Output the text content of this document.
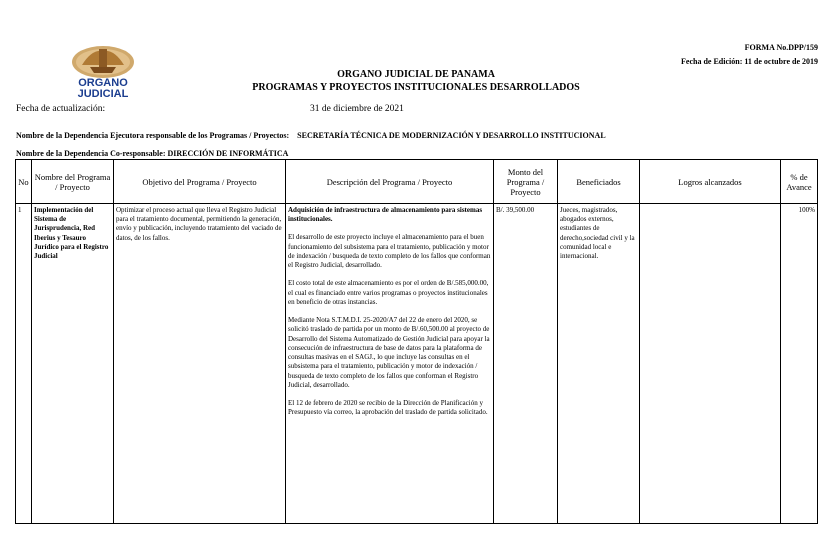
ORGANO
JUDICIAL
FORMA No.DPP/159
Fecha de Edición: 11 de octubre de 2019
ORGANO JUDICIAL DE PANAMA
PROGRAMAS Y PROYECTOS INSTITUCIONALES DESARROLLADOS
Fecha de actualización:	31 de diciembre de 2021
Nombre de la Dependencia Ejecutora responsable de los Programas / Proyectos: SECRETARÍA TÉCNICA DE MODERNIZACIÓN Y DESARROLLO INSTITUCIONAL
Nombre de la Dependencia Co-responsable: DIRECCIÓN DE INFORMÁTICA
No	Nombre del Programa / Proyecto	Objetivo del Programa / Proyecto	Descripción del Programa / Proyecto	Monto del Programa / Proyecto	Beneficiados	Logros alcanzados	% de Avance
1	Implementación del Sistema de Jurisprudencia, Red Iberius y Tesauro Jurídico para el Registro Judicial	Optimizar el proceso actual que lleva el Registro Judicial para el tratamiento documental, permitiendo la generación, envío y publicación, incluyendo tratamiento del vaciado de datos, de los fallos.	Adquisición de infraestructura de almacenamiento para sistemas institucionales.

El desarrollo de este proyecto incluye el almacenamiento para el buen funcionamiento del subsistema para el tratamiento, publicación y motor de indexación / busqueda de texto completo de los fallos que conforman el Registro Judicial, desarrollado.

El costo total de este almacenamiento es por el orden de B/.585,000.00, el cual es financiado entre varios programas o proyectos institucionales en beneficio de otras instancias.

Mediante Nota S.T.M.D.I. 25-2020/A7 del 22 de enero del 2020, se solicitó traslado de partida por un monto de B/.60,500.00 al proyecto de Desarrollo del Sistema Automatizado de Gestión Judicial para apoyar la consecución de infraestructura de base de datos para la plataforma de consultas masivas en el SAGJ., lo que incluye las consultas en el subsistema para el tratamiento, publicación y motor de indexación / busqueda de texto completo de los fallos que conforman el Registro Judicial, desarrollado.

El 12 de febrero de 2020 se recibio de la Dirección de Planificación y Presupuesto vía correo, la aprobación del traslado de partida solicitado.	B/. 39,500.00	Jueces, magistrados, abogados externos, estudiantes de derecho,sociedad civil y la comunidad local e internacional.		100%
